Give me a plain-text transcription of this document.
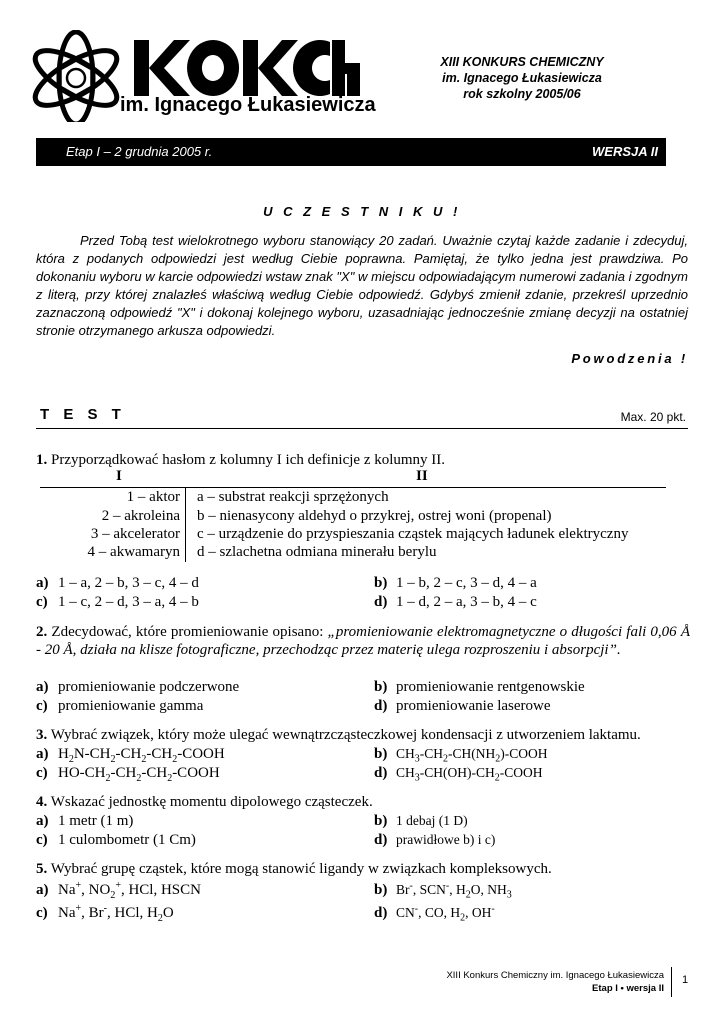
im. Ignacego Łukasiewicza
XIII KONKURS CHEMICZNY
im. Ignacego Łukasiewicza
rok szkolny 2005/06
Etap I – 2 grudnia 2005 r.	WERSJA II
U C Z E S T N I K U !

Przed Tobą test wielokrotnego wyboru stanowiący 20 zadań. Uważnie czytaj każde zadanie i zdecyduj, która z podanych odpowiedzi jest według Ciebie poprawna. Pamiętaj, że tylko jedna jest prawdziwa. Po dokonaniu wyboru w karcie odpowiedzi wstaw znak "X" w miejscu odpowiadającym numerowi zadania i zgodnym z literą, przy której znalazłeś właściwą według Ciebie odpowiedź. Gdybyś zmienił zdanie, przekreśl uprzednio zaznaczoną odpowiedź "X" i dokonaj kolejnego wyboru, uzasadniając jednocześnie zmianę decyzji na ostatniej stronie otrzymanego arkusza odpowiedzi.

Powodzenia !
T E S T	Max. 20 pkt.
1. Przyporządkować hasłom z kolumny I ich definicje z kolumny II.
I	II
1 – aktor a – substrat reakcji sprzężonych
2 – akroleina b – nienasycony aldehyd o przykrej, ostrej woni (propenal)
3 – akcelerator c – urządzenie do przyspieszania cząstek mających ładunek elektryczny
4 – akwamaryn d – szlachetna odmiana minerału berylu
a) 1 – a, 2 – b, 3 – c, 4 – d	b) 1 – b, 2 – c, 3 – d, 4 – a
c) 1 – c, 2 – d, 3 – a, 4 – b	d) 1 – d, 2 – a, 3 – b, 4 – c
2. Zdecydować, które promieniowanie opisano: „promieniowanie elektromagnetyczne o długości fali 0,06 Å - 20 Å, działa na klisze fotograficzne, przechodząc przez materię ulega rozproszeniu i absorpcji”.
a) promieniowanie podczerwone	b) promieniowanie rentgenowskie
c) promieniowanie gamma	d) promieniowanie laserowe
3. Wybrać związek, który może ulegać wewnątrzcząsteczkowej kondensacji z utworzeniem laktamu.
a) $H_2N-CH_2-CH_2-CH_2$-COOH	b) $CH_3-CH_2-CH(NH_2)$-COOH
c) $HO-CH_2-CH_2-CH_2$-COOH	d) $CH_3-CH(OH)-CH_2$-COOH
4. Wskazać jednostkę momentu dipolowego cząsteczek.
a) 1 metr (1 m)	b) 1 debaj (1 D)
c) 1 culombometr (1 Cm)	d) prawidłowe b) i c)
5. Wybrać grupę cząstek, które mogą stanowić ligandy w związkach kompleksowych.
a) Na+, $NO_2^+$, HCl, HSCN	b) Br-, SCN-, $H_2O$, $NH_3$
c) Na+, Br-, HCl, $H_2O$	d) CN-, CO, $H_2$, OH-
XIII Konkurs Chemiczny im. Ignacego Łukasiewicza
Etap I • wersja II
1
